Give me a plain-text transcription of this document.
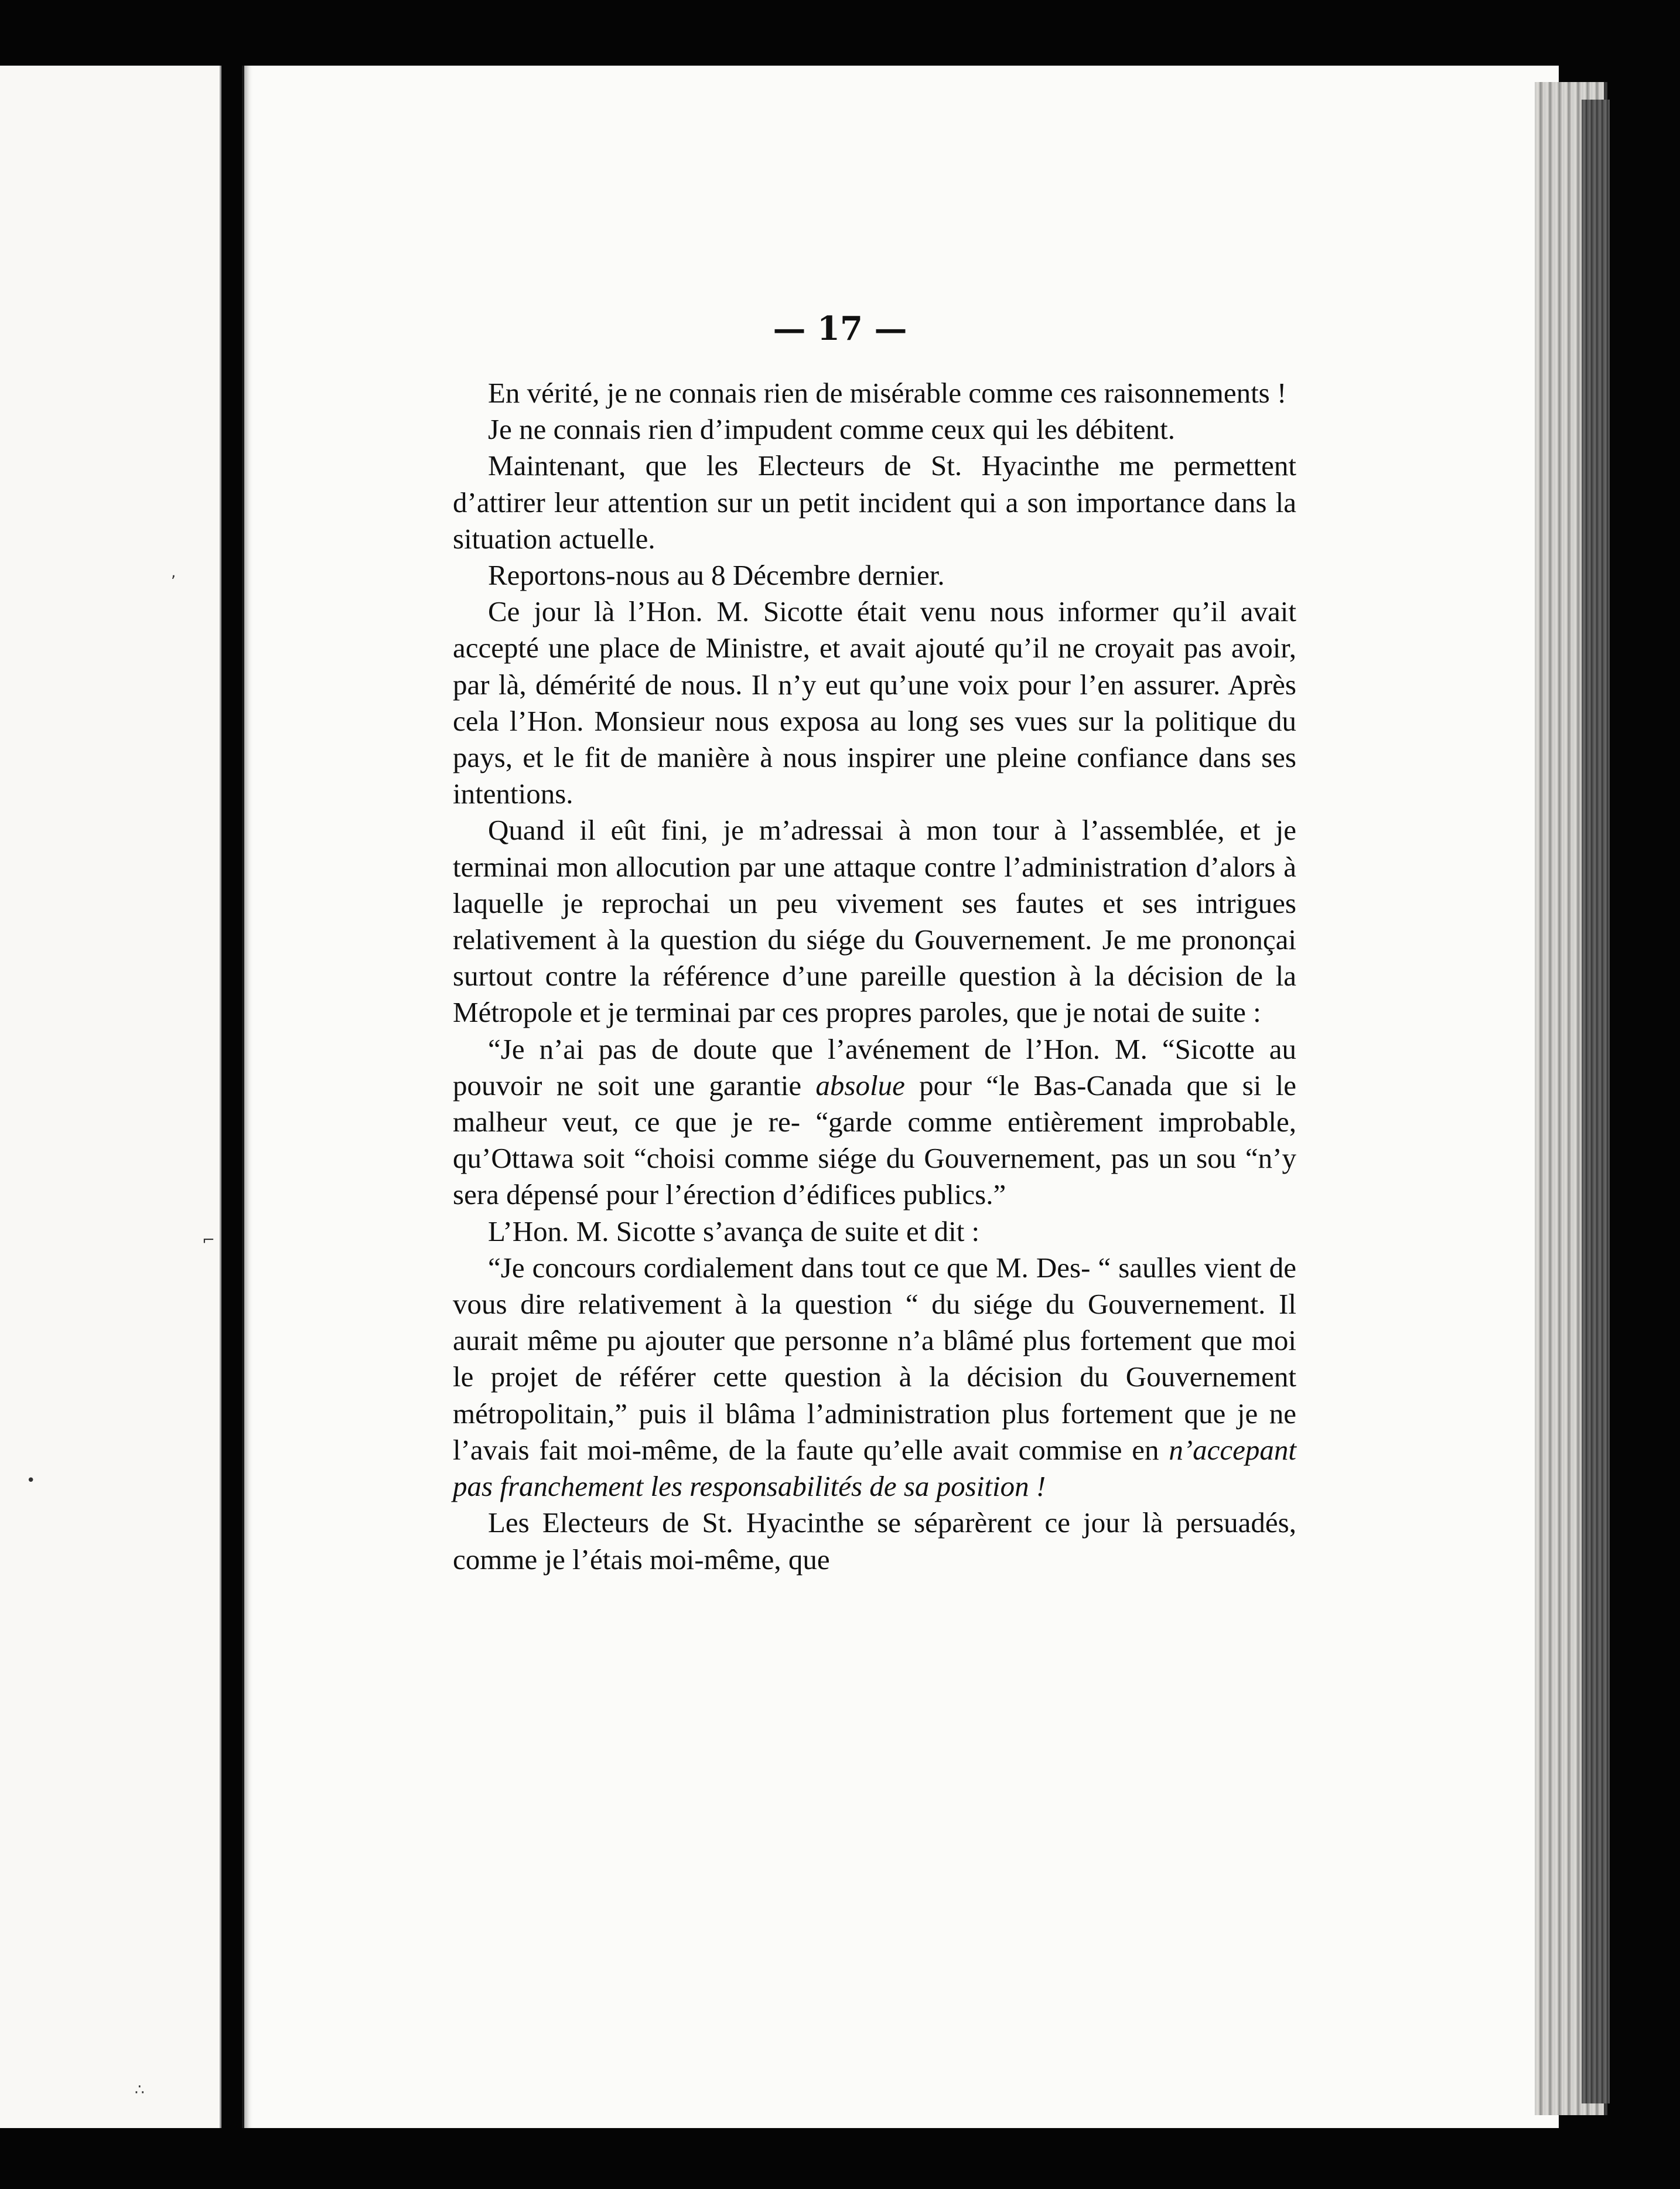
,
⌐
•
∴
— 17 —

En vérité, je ne connais rien de misérable comme ces raisonnements !

Je ne connais rien d’impudent comme ceux qui les débitent.

Maintenant, que les Electeurs de St. Hyacinthe me permettent d’attirer leur attention sur un petit incident qui a son importance dans la situation actuelle.

Reportons-nous au 8 Décembre dernier.

Ce jour là l’Hon. M. Sicotte était venu nous informer qu’il avait accepté une place de Ministre, et avait ajouté qu’il ne croyait pas avoir, par là, démérité de nous. Il n’y eut qu’une voix pour l’en assurer. Après cela l’Hon. Monsieur nous exposa au long ses vues sur la politique du pays, et le fit de manière à nous inspirer une pleine confiance dans ses intentions.

Quand il eût fini, je m’adressai à mon tour à l’assemblée, et je terminai mon allocution par une attaque contre l’administration d’alors à laquelle je reprochai un peu vivement ses fautes et ses intrigues relativement à la question du siége du Gouvernement. Je me prononçai surtout contre la référence d’une pareille question à la décision de la Métropole et je terminai par ces propres paroles, que je notai de suite :

“Je n’ai pas de doute que l’avénement de l’Hon. M. “Sicotte au pouvoir ne soit une garantie absolue pour “le Bas-Canada que si le malheur veut, ce que je re- “garde comme entièrement improbable, qu’Ottawa soit “choisi comme siége du Gouvernement, pas un sou “n’y sera dépensé pour l’érection d’édifices publics.”

L’Hon. M. Sicotte s’avança de suite et dit :

“Je concours cordialement dans tout ce que M. Des- “ saulles vient de vous dire relativement à la question “ du siége du Gouvernement. Il aurait même pu ajouter que personne n’a blâmé plus fortement que moi le projet de référer cette question à la décision du Gouvernement métropolitain,” puis il blâma l’administration plus fortement que je ne l’avais fait moi-même, de la faute qu’elle avait commise en n’accepant pas franchement les responsabilités de sa position !

Les Electeurs de St. Hyacinthe se séparèrent ce jour là persuadés, comme je l’étais moi-même, que
